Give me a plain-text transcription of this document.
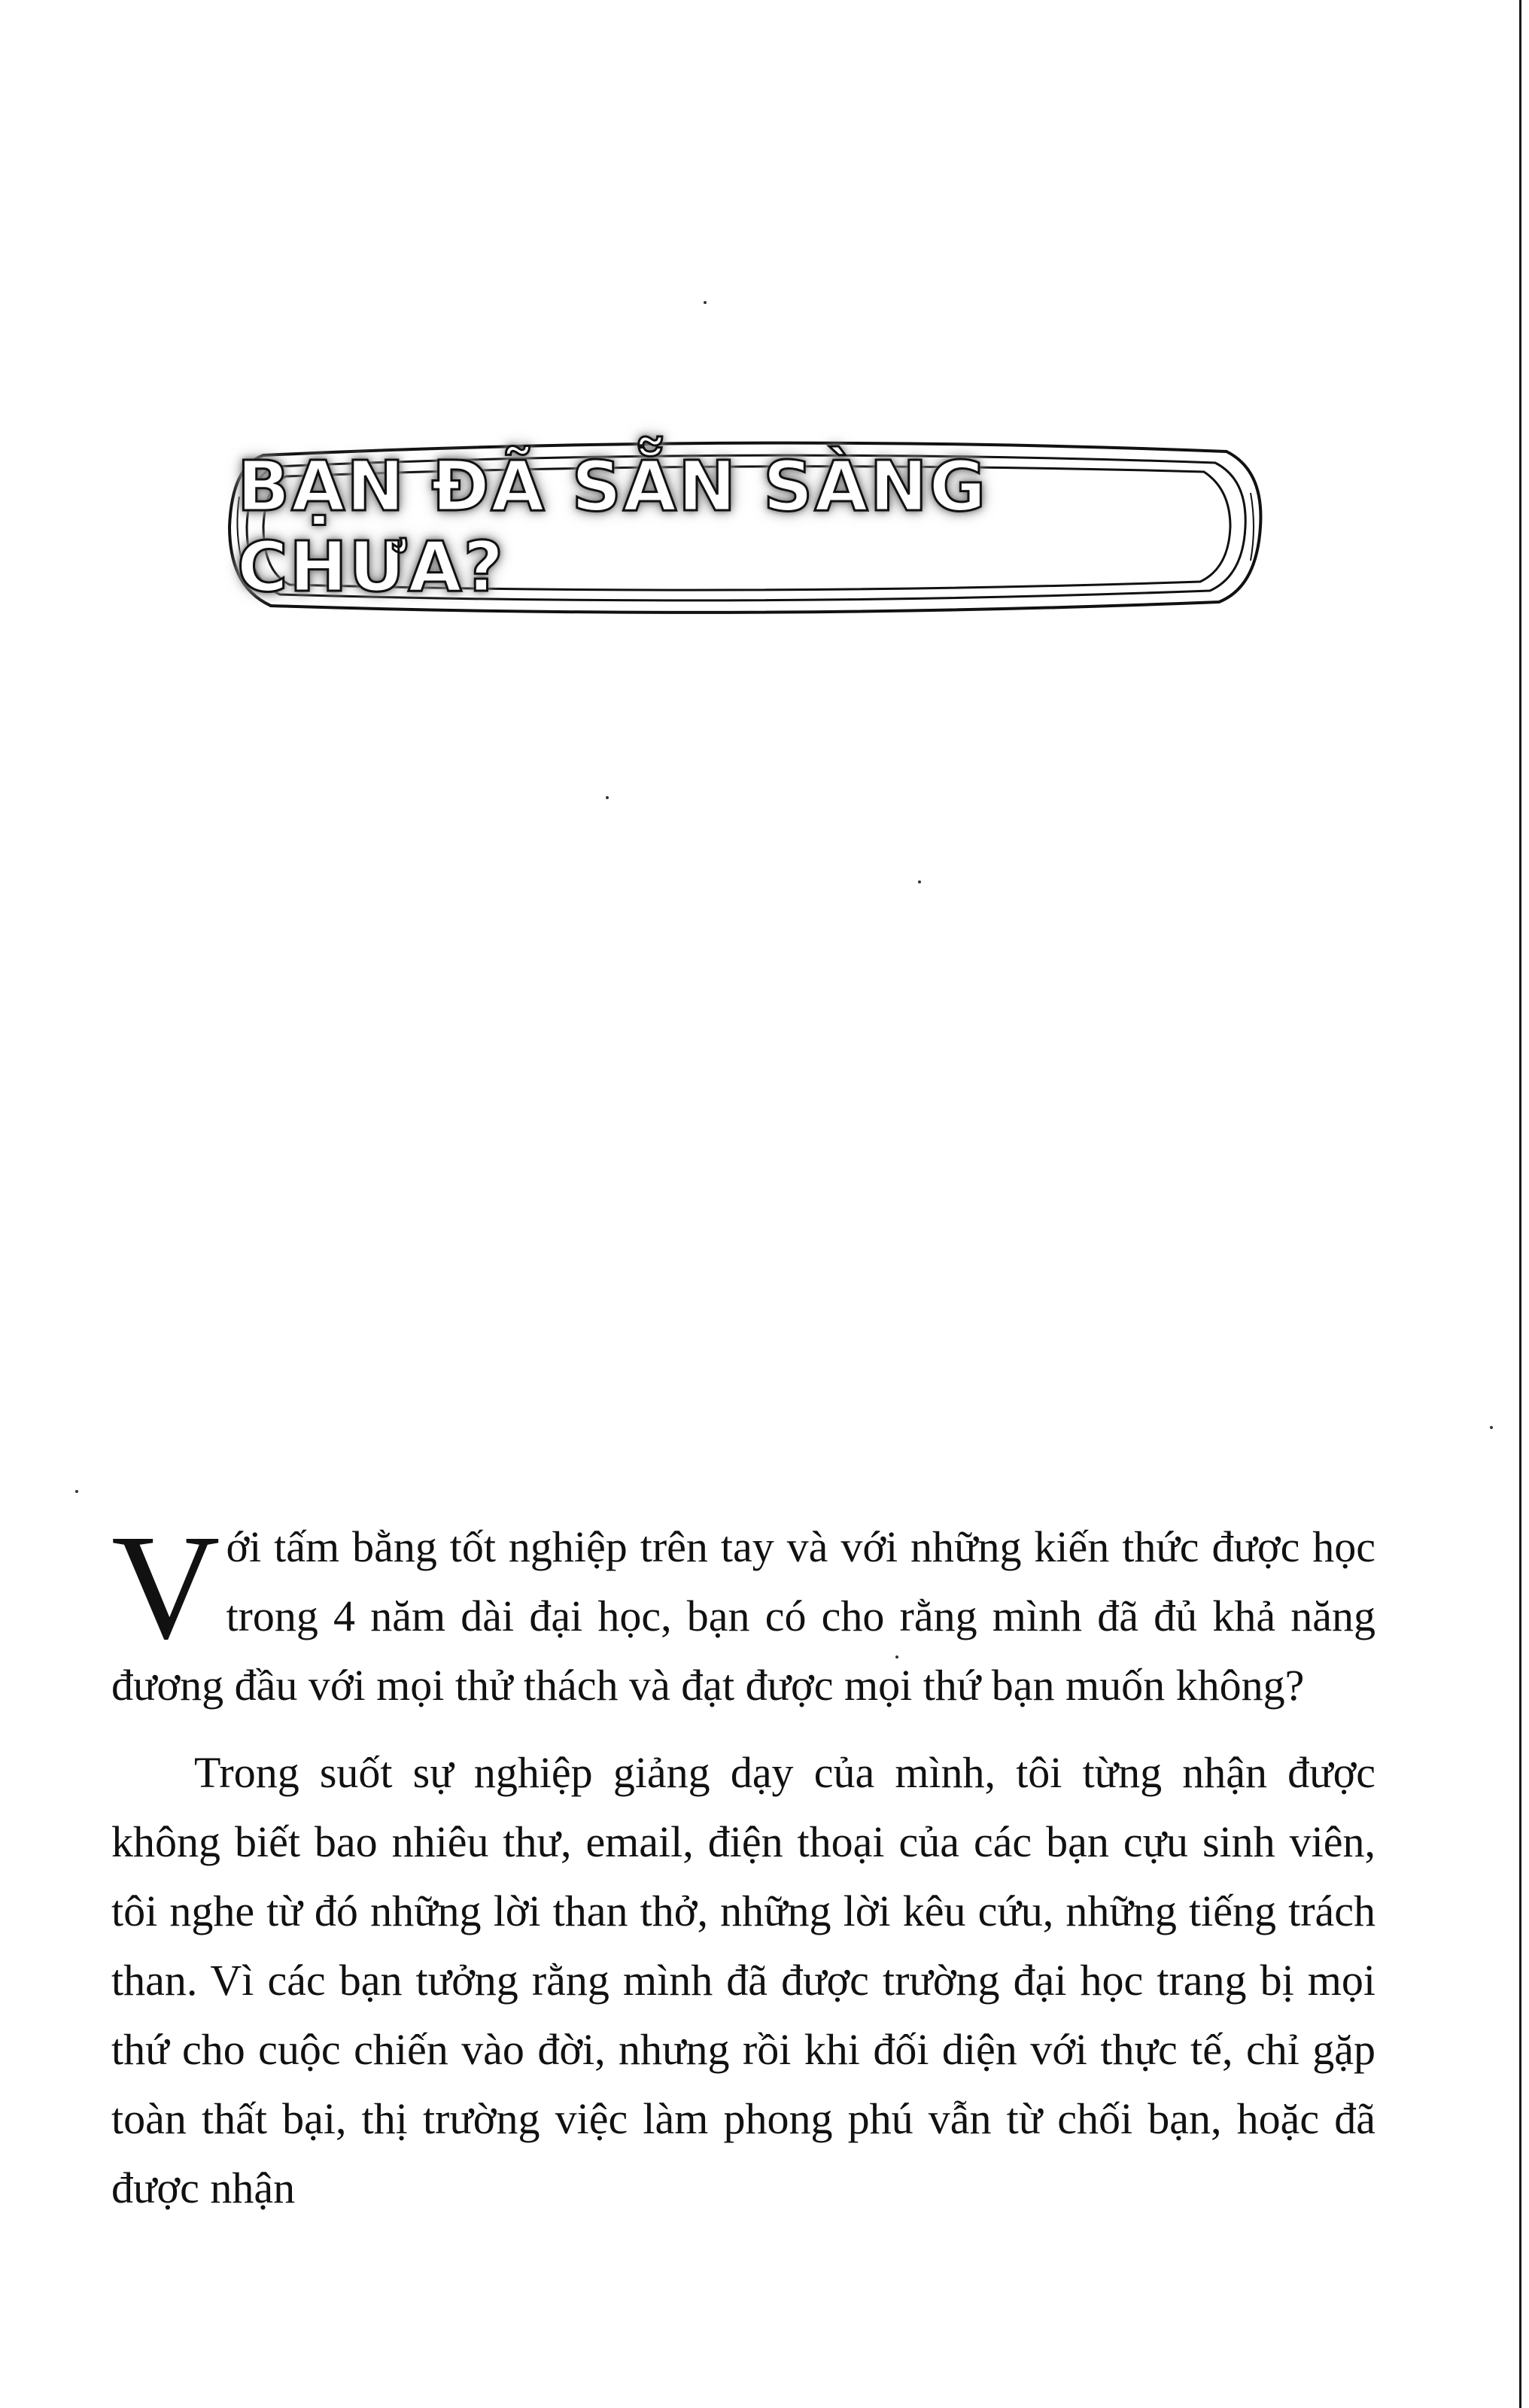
BẠN ĐÃ SẴN SÀNG CHƯA?

Với tấm bằng tốt nghiệp trên tay và với những kiến thức được học trong 4 năm dài đại học, bạn có cho rằng mình đã đủ khả năng đương đầu với mọi thử thách và đạt được mọi thứ bạn muốn không?

Trong suốt sự nghiệp giảng dạy của mình, tôi từng nhận được không biết bao nhiêu thư, email, điện thoại của các bạn cựu sinh viên, tôi nghe từ đó những lời than thở, những lời kêu cứu, những tiếng trách than. Vì các bạn tưởng rằng mình đã được trường đại học trang bị mọi thứ cho cuộc chiến vào đời, nhưng rồi khi đối diện với thực tế, chỉ gặp toàn thất bại, thị trường việc làm phong phú vẫn từ chối bạn, hoặc đã được nhận
